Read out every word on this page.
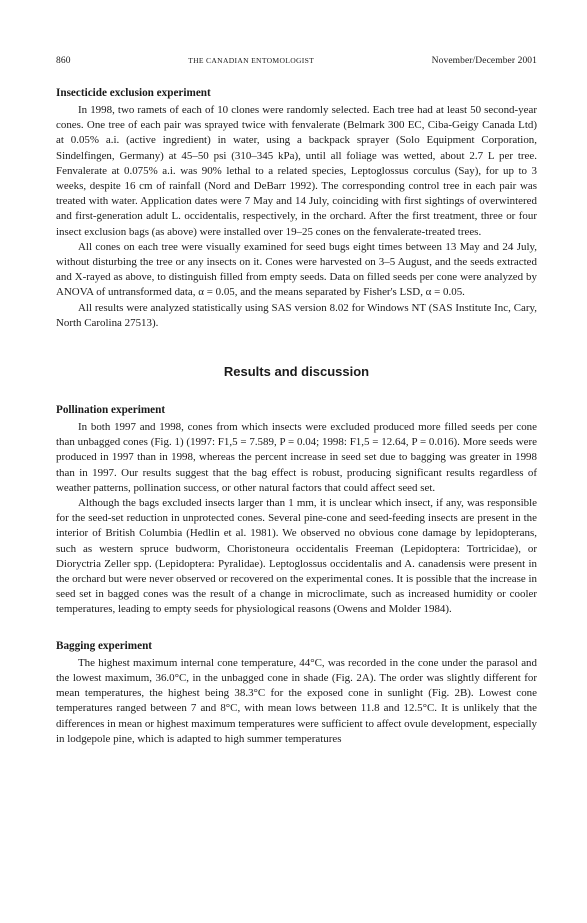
860	THE CANADIAN ENTOMOLOGIST	November/December 2001
Insecticide exclusion experiment

In 1998, two ramets of each of 10 clones were randomly selected. Each tree had at least 50 second-year cones. One tree of each pair was sprayed twice with fenvalerate (Belmark 300 EC, Ciba-Geigy Canada Ltd) at 0.05% a.i. (active ingredient) in water, using a backpack sprayer (Solo Equipment Corporation, Sindelfingen, Germany) at 45–50 psi (310–345 kPa), until all foliage was wetted, about 2.7 L per tree. Fenvalerate at 0.075% a.i. was 90% lethal to a related species, Leptoglossus corculus (Say), for up to 3 weeks, despite 16 cm of rainfall (Nord and DeBarr 1992). The corresponding control tree in each pair was treated with water. Application dates were 7 May and 14 July, coinciding with first sightings of overwintered and first-generation adult L. occidentalis, respectively, in the orchard. After the first treatment, three or four insect exclusion bags (as above) were installed over 19–25 cones on the fenvalerate-treated trees.

All cones on each tree were visually examined for seed bugs eight times between 13 May and 24 July, without disturbing the tree or any insects on it. Cones were harvested on 3–5 August, and the seeds extracted and X-rayed as above, to distinguish filled from empty seeds. Data on filled seeds per cone were analyzed by ANOVA of untransformed data, α = 0.05, and the means separated by Fisher's LSD, α = 0.05.

All results were analyzed statistically using SAS version 8.02 for Windows NT (SAS Institute Inc, Cary, North Carolina 27513).

Results and discussion
Pollination experiment

In both 1997 and 1998, cones from which insects were excluded produced more filled seeds per cone than unbagged cones (Fig. 1) (1997: F1,5 = 7.589, P = 0.04; 1998: F1,5 = 12.64, P = 0.016). More seeds were produced in 1997 than in 1998, whereas the percent increase in seed set due to bagging was greater in 1998 than in 1997. Our results suggest that the bag effect is robust, producing significant results regardless of weather patterns, pollination success, or other natural factors that could affect seed set.

Although the bags excluded insects larger than 1 mm, it is unclear which insect, if any, was responsible for the seed-set reduction in unprotected cones. Several pine-cone and seed-feeding insects are present in the interior of British Columbia (Hedlin et al. 1981). We observed no obvious cone damage by lepidopterans, such as western spruce budworm, Choristoneura occidentalis Freeman (Lepidoptera: Tortricidae), or Dioryctria Zeller spp. (Lepidoptera: Pyralidae). Leptoglossus occidentalis and A. canadensis were present in the orchard but were never observed or recovered on the experimental cones. It is possible that the increase in seed set in bagged cones was the result of a change in microclimate, such as increased humidity or cooler temperatures, leading to empty seeds for physiological reasons (Owens and Molder 1984).

Bagging experiment

The highest maximum internal cone temperature, 44°C, was recorded in the cone under the parasol and the lowest maximum, 36.0°C, in the unbagged cone in shade (Fig. 2A). The order was slightly different for mean temperatures, the highest being 38.3°C for the exposed cone in sunlight (Fig. 2B). Lowest cone temperatures ranged between 7 and 8°C, with mean lows between 11.8 and 12.5°C. It is unlikely that the differences in mean or highest maximum temperatures were sufficient to affect ovule development, especially in lodgepole pine, which is adapted to high summer temperatures
